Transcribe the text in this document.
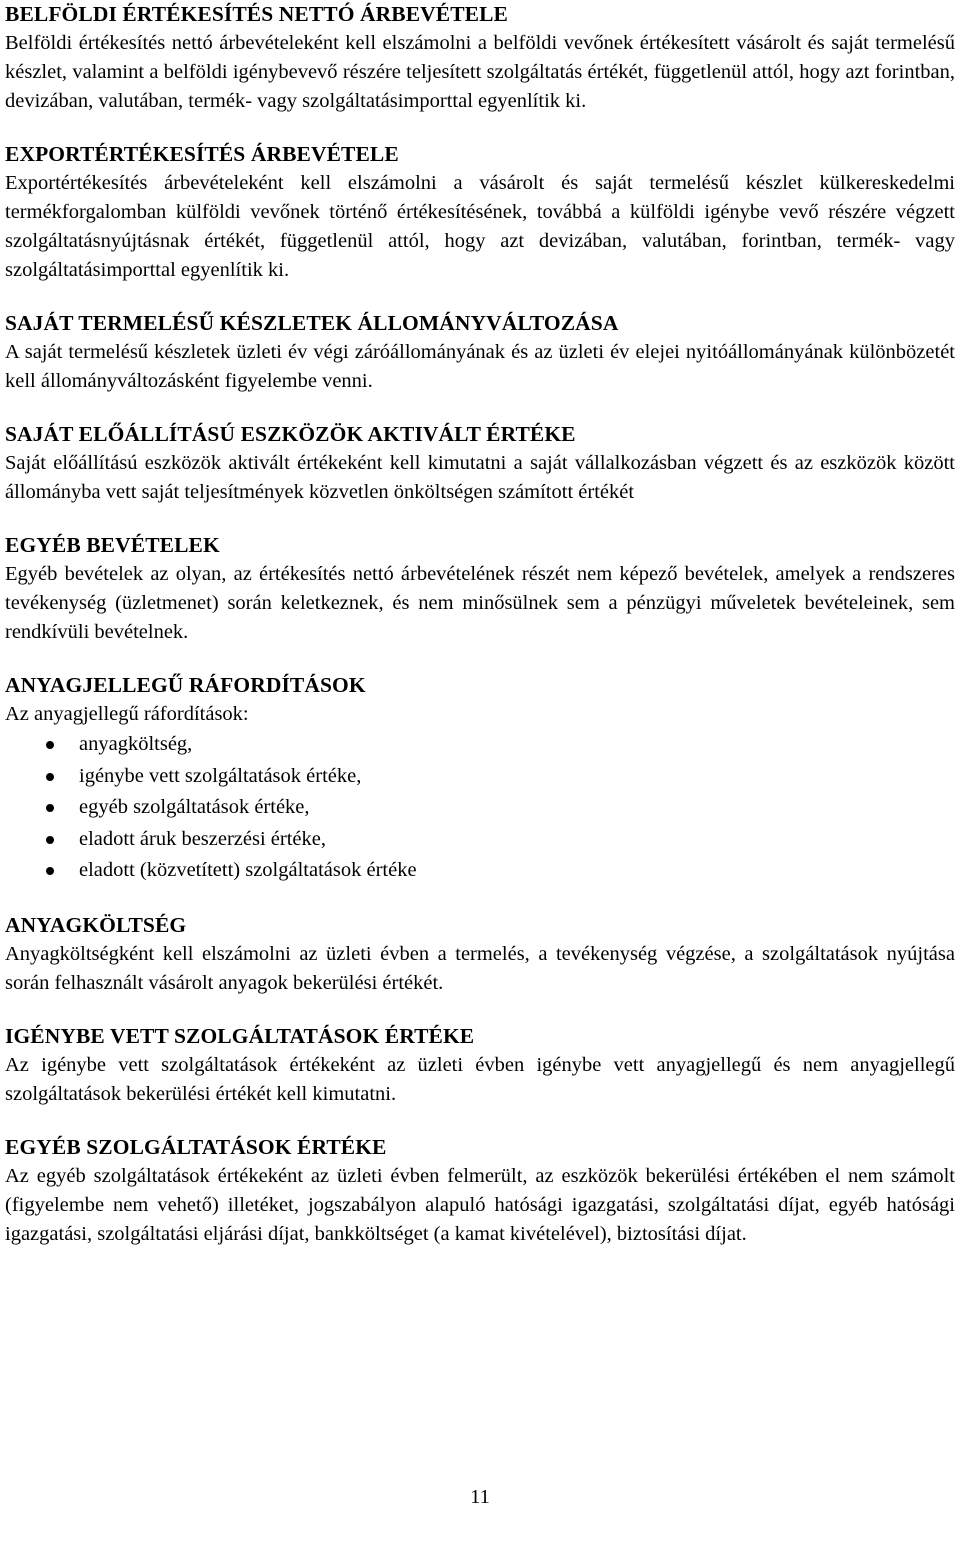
BELFÖLDI ÉRTÉKESÍTÉS NETTÓ ÁRBEVÉTELE

Belföldi értékesítés nettó árbevételeként kell elszámolni a belföldi vevőnek értékesített vásárolt és saját termelésű készlet, valamint a belföldi igénybevevő részére teljesített szolgáltatás értékét, függetlenül attól, hogy azt forintban, devizában, valutában, termék- vagy szolgáltatásimporttal egyenlítik ki.

EXPORTÉRTÉKESÍTÉS ÁRBEVÉTELE

Exportértékesítés árbevételeként kell elszámolni a vásárolt és saját termelésű készlet külkereskedelmi termékforgalomban külföldi vevőnek történő értékesítésének, továbbá a külföldi igénybe vevő részére végzett szolgáltatásnyújtásnak értékét, függetlenül attól, hogy azt devizában, valutában, forintban, termék- vagy szolgáltatásimporttal egyenlítik ki.

SAJÁT TERMELÉSŰ KÉSZLETEK ÁLLOMÁNYVÁLTOZÁSA

A saját termelésű készletek üzleti év végi záróállományának és az üzleti év elejei nyitóállományának különbözetét kell állományváltozásként figyelembe venni.

SAJÁT ELŐÁLLÍTÁSÚ ESZKÖZÖK AKTIVÁLT ÉRTÉKE

Saját előállítású eszközök aktivált értékeként kell kimutatni a saját vállalkozásban végzett és az eszközök között állományba vett saját teljesítmények közvetlen önköltségen számított értékét

EGYÉB BEVÉTELEK

Egyéb bevételek az olyan, az értékesítés nettó árbevételének részét nem képező bevételek, amelyek a rendszeres tevékenység (üzletmenet) során keletkeznek, és nem minősülnek sem a pénzügyi műveletek bevételeinek, sem rendkívüli bevételnek.

ANYAGJELLEGŰ RÁFORDÍTÁSOK

Az anyagjellegű ráfordítások:

anyagköltség,
igénybe vett szolgáltatások értéke,
egyéb szolgáltatások értéke,
eladott áruk beszerzési értéke,
eladott (közvetített) szolgáltatások értéke
ANYAGKÖLTSÉG

Anyagköltségként kell elszámolni az üzleti évben a termelés, a tevékenység végzése, a szolgáltatások nyújtása során felhasznált vásárolt anyagok bekerülési értékét.

IGÉNYBE VETT SZOLGÁLTATÁSOK ÉRTÉKE

Az igénybe vett szolgáltatások értékeként az üzleti évben igénybe vett anyagjellegű és nem anyagjellegű szolgáltatások bekerülési értékét kell kimutatni.

EGYÉB SZOLGÁLTATÁSOK ÉRTÉKE

Az egyéb szolgáltatások értékeként az üzleti évben felmerült, az eszközök bekerülési értékében el nem számolt (figyelembe nem vehető) illetéket, jogszabályon alapuló hatósági igazgatási, szolgáltatási díjat, egyéb hatósági igazgatási, szolgáltatási eljárási díjat, bankköltséget (a kamat kivételével), biztosítási díjat.

11
